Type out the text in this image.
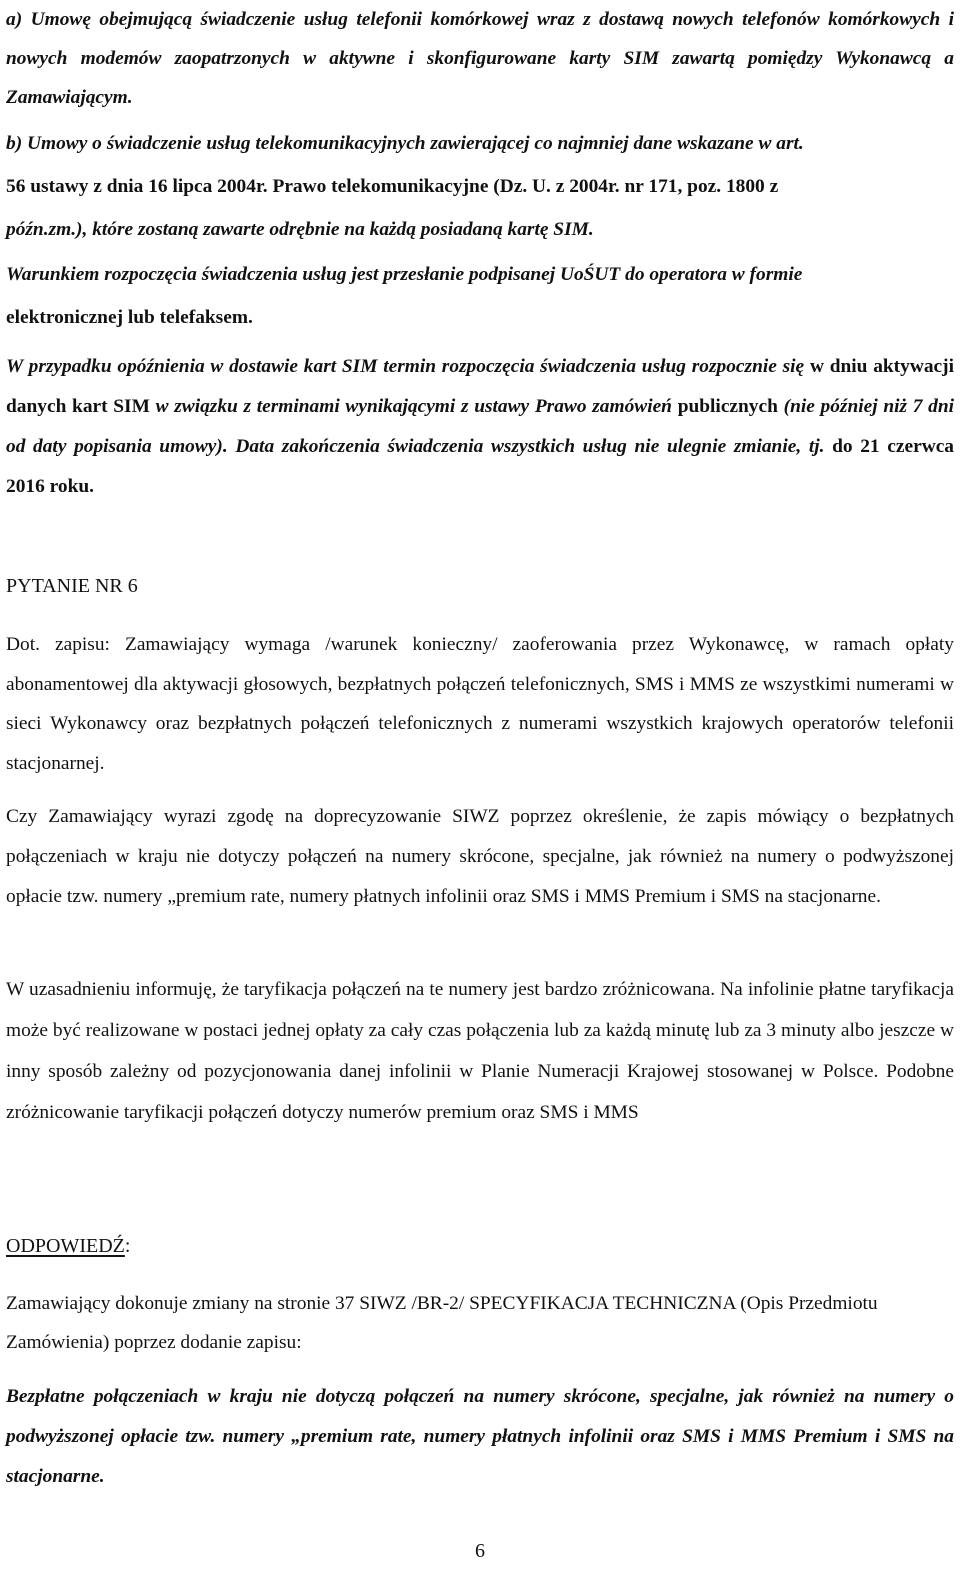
a) Umowę obejmującą świadczenie usług telefonii komórkowej wraz z dostawą nowych telefonów komórkowych i nowych modemów zaopatrzonych w aktywne i skonfigurowane karty SIM zawartą pomiędzy Wykonawcą a Zamawiającym.

b) Umowy o świadczenie usług telekomunikacyjnych zawierającej co najmniej dane wskazane w art.
56 ustawy z dnia 16 lipca 2004r. Prawo telekomunikacyjne (Dz. U. z 2004r. nr 171, poz. 1800 z
późn.zm.), które zostaną zawarte odrębnie na każdą posiadaną kartę SIM.

Warunkiem rozpoczęcia świadczenia usług jest przesłanie podpisanej UoŚUT do operatora w formie
elektronicznej lub telefaksem.

W przypadku opóźnienia w dostawie kart SIM termin rozpoczęcia świadczenia usług rozpocznie się w dniu aktywacji danych kart SIM w związku z terminami wynikającymi z ustawy Prawo zamówień publicznych (nie później niż 7 dni od daty popisania umowy). Data zakończenia świadczenia wszystkich usług nie ulegnie zmianie, tj. do 21 czerwca 2016 roku.

PYTANIE NR 6

Dot. zapisu: Zamawiający wymaga /warunek konieczny/ zaoferowania przez Wykonawcę, w ramach opłaty abonamentowej dla aktywacji głosowych, bezpłatnych połączeń telefonicznych, SMS i MMS ze wszystkimi numerami w sieci Wykonawcy oraz bezpłatnych połączeń telefonicznych z numerami wszystkich krajowych operatorów telefonii stacjonarnej.

Czy Zamawiający wyrazi zgodę na doprecyzowanie SIWZ poprzez określenie, że zapis mówiący o bezpłatnych połączeniach w kraju nie dotyczy połączeń na numery skrócone, specjalne, jak również na numery o podwyższonej opłacie tzw. numery „premium rate, numery płatnych infolinii oraz SMS i MMS Premium i SMS na stacjonarne.

W uzasadnieniu informuję, że taryfikacja połączeń na te numery jest bardzo zróżnicowana. Na infolinie płatne taryfikacja może być realizowane w postaci jednej opłaty za cały czas połączenia lub za każdą minutę lub za 3 minuty albo jeszcze w inny sposób zależny od pozycjonowania danej infolinii w Planie Numeracji Krajowej stosowanej w Polsce. Podobne zróżnicowanie taryfikacji połączeń dotyczy numerów premium oraz SMS i MMS

ODPOWIEDŹ:

Zamawiający dokonuje zmiany na stronie 37 SIWZ /BR-2/ SPECYFIKACJA TECHNICZNA (Opis Przedmiotu Zamówienia) poprzez dodanie zapisu:

Bezpłatne połączeniach w kraju nie dotyczą połączeń na numery skrócone, specjalne, jak również na numery o podwyższonej opłacie tzw. numery „premium rate, numery płatnych infolinii oraz SMS i MMS Premium i SMS na stacjonarne.

6
